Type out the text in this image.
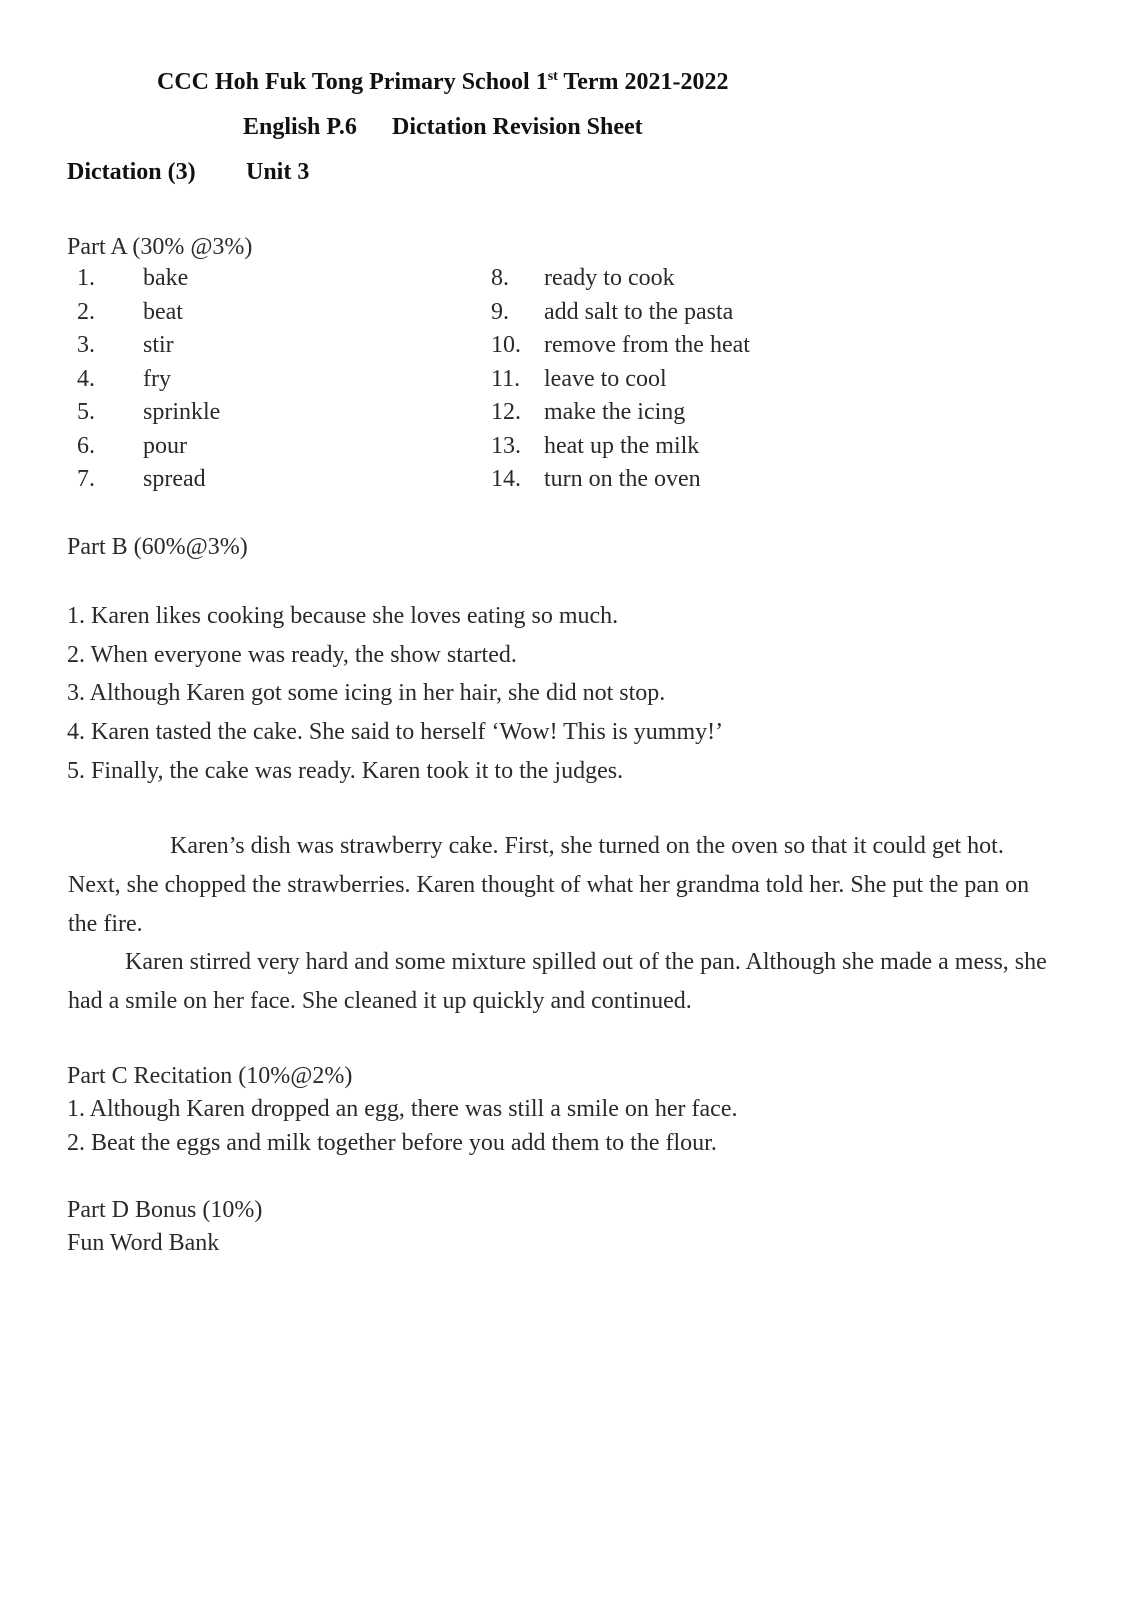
CCC Hoh Fuk Tong Primary School 1st Term 2021-2022
English P.6 Dictation Revision Sheet
Dictation (3) Unit 3
Part A (30% @3%)
1. bake
2. beat
3. stir
4. fry
5. sprinkle
6. pour
7. spread
8. ready to cook
9. add salt to the pasta
10. remove from the heat
11. leave to cool
12. make the icing
13. heat up the milk
14. turn on the oven
Part B (60%@3%)
1. Karen likes cooking because she loves eating so much.
2. When everyone was ready, the show started.
3. Although Karen got some icing in her hair, she did not stop.
4. Karen tasted the cake. She said to herself ‘Wow! This is yummy!’
5. Finally, the cake was ready. Karen took it to the judges.
Karen’s dish was strawberry cake. First, she turned on the oven so that it could get hot. Next, she chopped the strawberries. Karen thought of what her grandma told her. She put the pan on the fire.
Karen stirred very hard and some mixture spilled out of the pan. Although she made a mess, she had a smile on her face. She cleaned it up quickly and continued.
Part C Recitation (10%@2%)
1. Although Karen dropped an egg, there was still a smile on her face.
2. Beat the eggs and milk together before you add them to the flour.
Part D Bonus (10%)
Fun Word Bank
